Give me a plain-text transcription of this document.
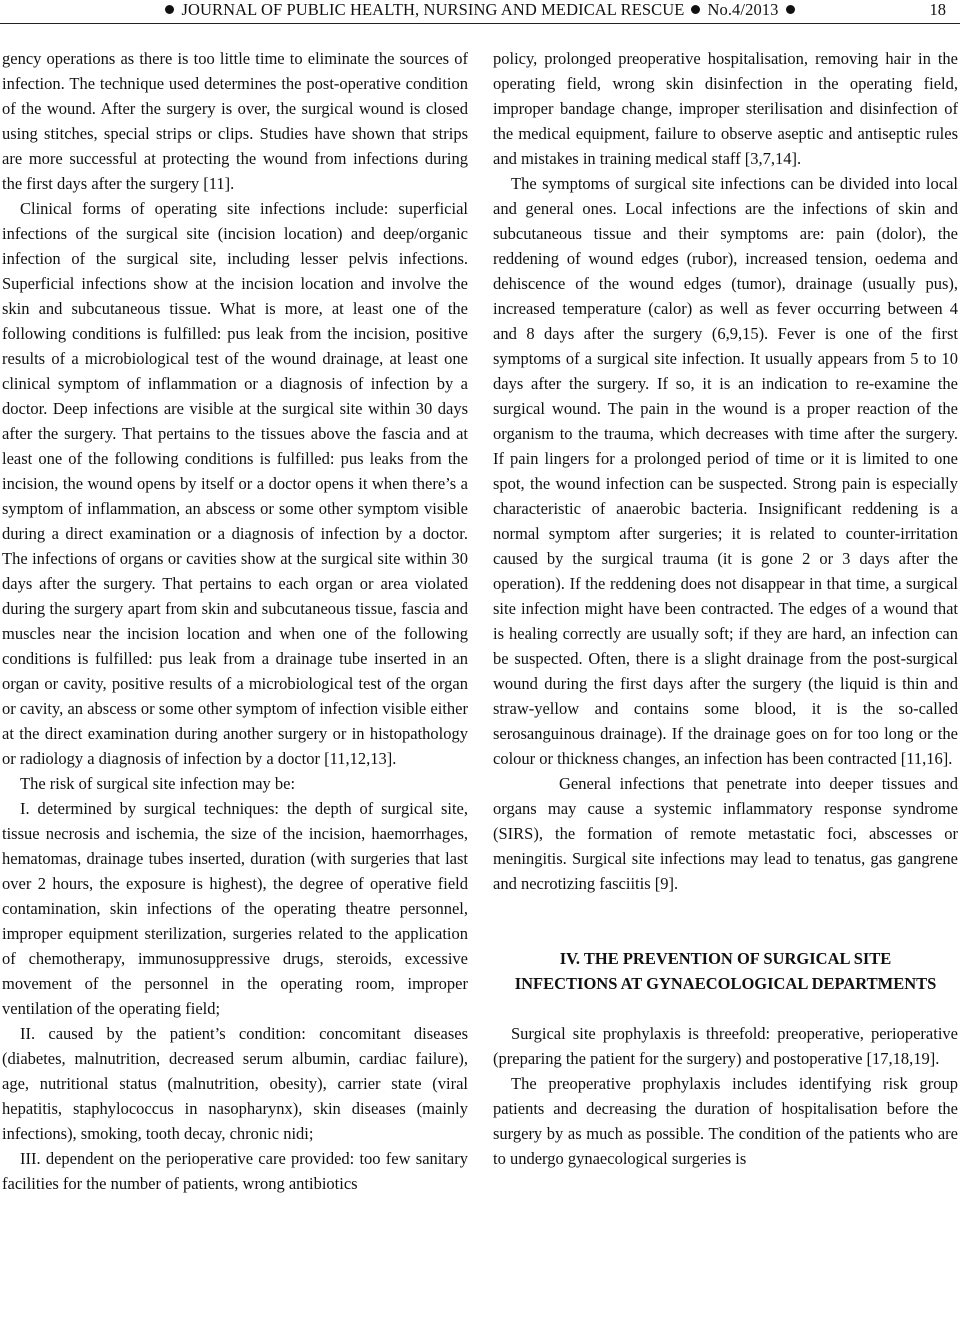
JOURNAL OF PUBLIC HEALTH, NURSING AND MEDICAL RESCUE No.4/2013	18

gency operations as there is too little time to eliminate the sources of infection. The technique used determines the post-operative condition of the wound. After the surgery is over, the surgical wound is closed using stitches, special strips or clips. Studies have shown that strips are more successful at protecting the wound from infections during the first days after the surgery [11].

Clinical forms of operating site infections include: superficial infections of the surgical site (incision location) and deep/organic infection of the surgical site, including lesser pelvis infections. Superficial infections show at the incision location and involve the skin and subcutaneous tissue. What is more, at least one of the following conditions is fulfilled: pus leak from the incision, positive results of a microbiological test of the wound drainage, at least one clinical symptom of inflammation or a diagnosis of infection by a doctor. Deep infections are visible at the surgical site within 30 days after the surgery. That pertains to the tissues above the fascia and at least one of the following conditions is fulfilled: pus leaks from the incision, the wound opens by itself or a doctor opens it when there’s a symptom of inflammation, an abscess or some other symptom visible during a direct examination or a diagnosis of infection by a doctor. The infections of organs or cavities show at the surgical site within 30 days after the surgery. That pertains to each organ or area violated during the surgery apart from skin and subcutaneous tissue, fascia and muscles near the incision location and when one of the following conditions is fulfilled: pus leak from a drainage tube inserted in an organ or cavity, positive results of a microbiological test of the organ or cavity, an abscess or some other symptom of infection visible either at the direct examination during another surgery or in histopathology or radiology a diagnosis of infection by a doctor [11,12,13].

The risk of surgical site infection may be:

I. determined by surgical techniques: the depth of surgical site, tissue necrosis and ischemia, the size of the incision, haemorrhages, hematomas, drainage tubes inserted, duration (with surgeries that last over 2 hours, the exposure is highest), the degree of operative field contamination, skin infections of the operating theatre personnel, improper equipment sterilization, surgeries related to the application of chemotherapy, immunosuppressive drugs, steroids, excessive movement of the personnel in the operating room, improper ventilation of the operating field;

II. caused by the patient’s condition: concomitant diseases (diabetes, malnutrition, decreased serum albumin, cardiac failure), age, nutritional status (malnutrition, obesity), carrier state (viral hepatitis, staphylococcus in nasopharynx), skin diseases (mainly infections), smoking, tooth decay, chronic nidi;

III. dependent on the perioperative care provided: too few sanitary facilities for the number of patients, wrong antibiotics

policy, prolonged preoperative hospitalisation, removing hair in the operating field, wrong skin disinfection in the operating field, improper bandage change, improper sterilisation and disinfection of the medical equipment, failure to observe aseptic and antiseptic rules and mistakes in training medical staff [3,7,14].

The symptoms of surgical site infections can be divided into local and general ones. Local infections are the infections of skin and subcutaneous tissue and their symptoms are: pain (dolor), the reddening of wound edges (rubor), increased tension, oedema and dehiscence of the wound edges (tumor), drainage (usually pus), increased temperature (calor) as well as fever occurring between 4 and 8 days after the surgery (6,9,15). Fever is one of the first symptoms of a surgical site infection. It usually appears from 5 to 10 days after the surgery. If so, it is an indication to re-examine the surgical wound. The pain in the wound is a proper reaction of the organism to the trauma, which decreases with time after the surgery. If pain lingers for a prolonged period of time or it is limited to one spot, the wound infection can be suspected. Strong pain is especially characteristic of anaerobic bacteria. Insignificant reddening is a normal symptom after surgeries; it is related to counter-irritation caused by the surgical trauma (it is gone 2 or 3 days after the operation). If the reddening does not disappear in that time, a surgical site infection might have been contracted. The edges of a wound that is healing correctly are usually soft; if they are hard, an infection can be suspected. Often, there is a slight drainage from the post-surgical wound during the first days after the surgery (the liquid is thin and straw-yellow and contains some blood, it is the so-called serosanguinous drainage). If the drainage goes on for too long or the colour or thickness changes, an infection has been contracted [11,16].

General infections that penetrate into deeper tissues and organs may cause a systemic inflammatory response syndrome (SIRS), the formation of remote metastatic foci, abscesses or meningitis. Surgical site infections may lead to tenatus, gas gangrene and necrotizing fasciitis [9].

IV. THE PREVENTION OF SURGICAL SITE INFECTIONS AT GYNAECOLOGICAL DEPARTMENTS

Surgical site prophylaxis is threefold: preoperative, perioperative (preparing the patient for the surgery) and postoperative [17,18,19].

The preoperative prophylaxis includes identifying risk group patients and decreasing the duration of hospitalisation before the surgery by as much as possible. The condition of the patients who are to undergo gynaecological surgeries is
